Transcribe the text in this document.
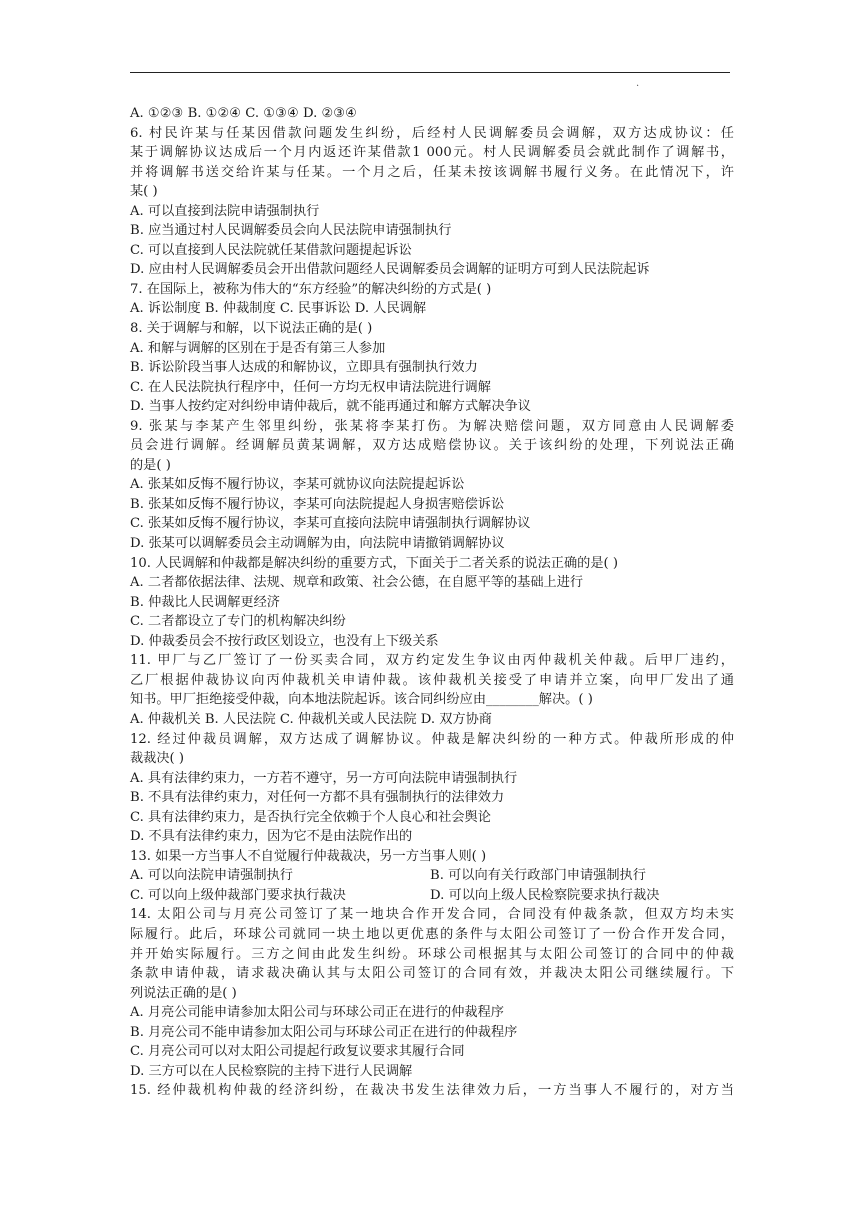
.
A. ①②③ B. ①②④ C. ①③④ D. ②③④
6. 村民许某与任某因借款问题发生纠纷，后经村人民调解委员会调解，双方达成协议：任
某于调解协议达成后一个月内返还许某借款1 000元。村人民调解委员会就此制作了调解书，
并将调解书送交给许某与任某。一个月之后，任某未按该调解书履行义务。在此情况下，许
某( )
A. 可以直接到法院申请强制执行
B. 应当通过村人民调解委员会向人民法院申请强制执行
C. 可以直接到人民法院就任某借款问题提起诉讼
D. 应由村人民调解委员会开出借款问题经人民调解委员会调解的证明方可到人民法院起诉
7. 在国际上，被称为伟大的“东方经验”的解决纠纷的方式是( )
A. 诉讼制度 B. 仲裁制度 C. 民事诉讼 D. 人民调解
8. 关于调解与和解，以下说法正确的是( )
A. 和解与调解的区别在于是否有第三人参加
B. 诉讼阶段当事人达成的和解协议，立即具有强制执行效力
C. 在人民法院执行程序中，任何一方均无权申请法院进行调解
D. 当事人按约定对纠纷申请仲裁后，就不能再通过和解方式解决争议
9. 张某与李某产生邻里纠纷，张某将李某打伤。为解决赔偿问题，双方同意由人民调解委
员会进行调解。经调解员黄某调解，双方达成赔偿协议。关于该纠纷的处理，下列说法正确
的是( )
A. 张某如反悔不履行协议，李某可就协议向法院提起诉讼
B. 张某如反悔不履行协议，李某可向法院提起人身损害赔偿诉讼
C. 张某如反悔不履行协议，李某可直接向法院申请强制执行调解协议
D. 张某可以调解委员会主动调解为由，向法院申请撤销调解协议
10. 人民调解和仲裁都是解决纠纷的重要方式，下面关于二者关系的说法正确的是( )
A. 二者都依据法律、法规、规章和政策、社会公德，在自愿平等的基础上进行
B. 仲裁比人民调解更经济
C. 二者都设立了专门的机构解决纠纷
D. 仲裁委员会不按行政区划设立，也没有上下级关系
11. 甲厂与乙厂签订了一份买卖合同，双方约定发生争议由丙仲裁机关仲裁。后甲厂违约，
乙厂根据仲裁协议向丙仲裁机关申请仲裁。该仲裁机关接受了申请并立案，向甲厂发出了通
知书。甲厂拒绝接受仲裁，向本地法院起诉。该合同纠纷应由________解决。( )
A. 仲裁机关 B. 人民法院 C. 仲裁机关或人民法院 D. 双方协商
12. 经过仲裁员调解，双方达成了调解协议。仲裁是解决纠纷的一种方式。仲裁所形成的仲
裁裁决( )
A. 具有法律约束力，一方若不遵守，另一方可向法院申请强制执行
B. 不具有法律约束力，对任何一方都不具有强制执行的法律效力
C. 具有法律约束力，是否执行完全依赖于个人良心和社会舆论
D. 不具有法律约束力，因为它不是由法院作出的
13. 如果一方当事人不自觉履行仲裁裁决，另一方当事人则( )
A. 可以向法院申请强制执行	B. 可以向有关行政部门申请强制执行
C. 可以向上级仲裁部门要求执行裁决	D. 可以向上级人民检察院要求执行裁决
14. 太阳公司与月亮公司签订了某一地块合作开发合同，合同没有仲裁条款，但双方均未实
际履行。此后，环球公司就同一块土地以更优惠的条件与太阳公司签订了一份合作开发合同，
并开始实际履行。三方之间由此发生纠纷。环球公司根据其与太阳公司签订的合同中的仲裁
条款申请仲裁，请求裁决确认其与太阳公司签订的合同有效，并裁决太阳公司继续履行。下
列说法正确的是( )
A. 月亮公司能申请参加太阳公司与环球公司正在进行的仲裁程序
B. 月亮公司不能申请参加太阳公司与环球公司正在进行的仲裁程序
C. 月亮公司可以对太阳公司提起行政复议要求其履行合同
D. 三方可以在人民检察院的主持下进行人民调解
15. 经仲裁机构仲裁的经济纠纷，在裁决书发生法律效力后，一方当事人不履行的，对方当
